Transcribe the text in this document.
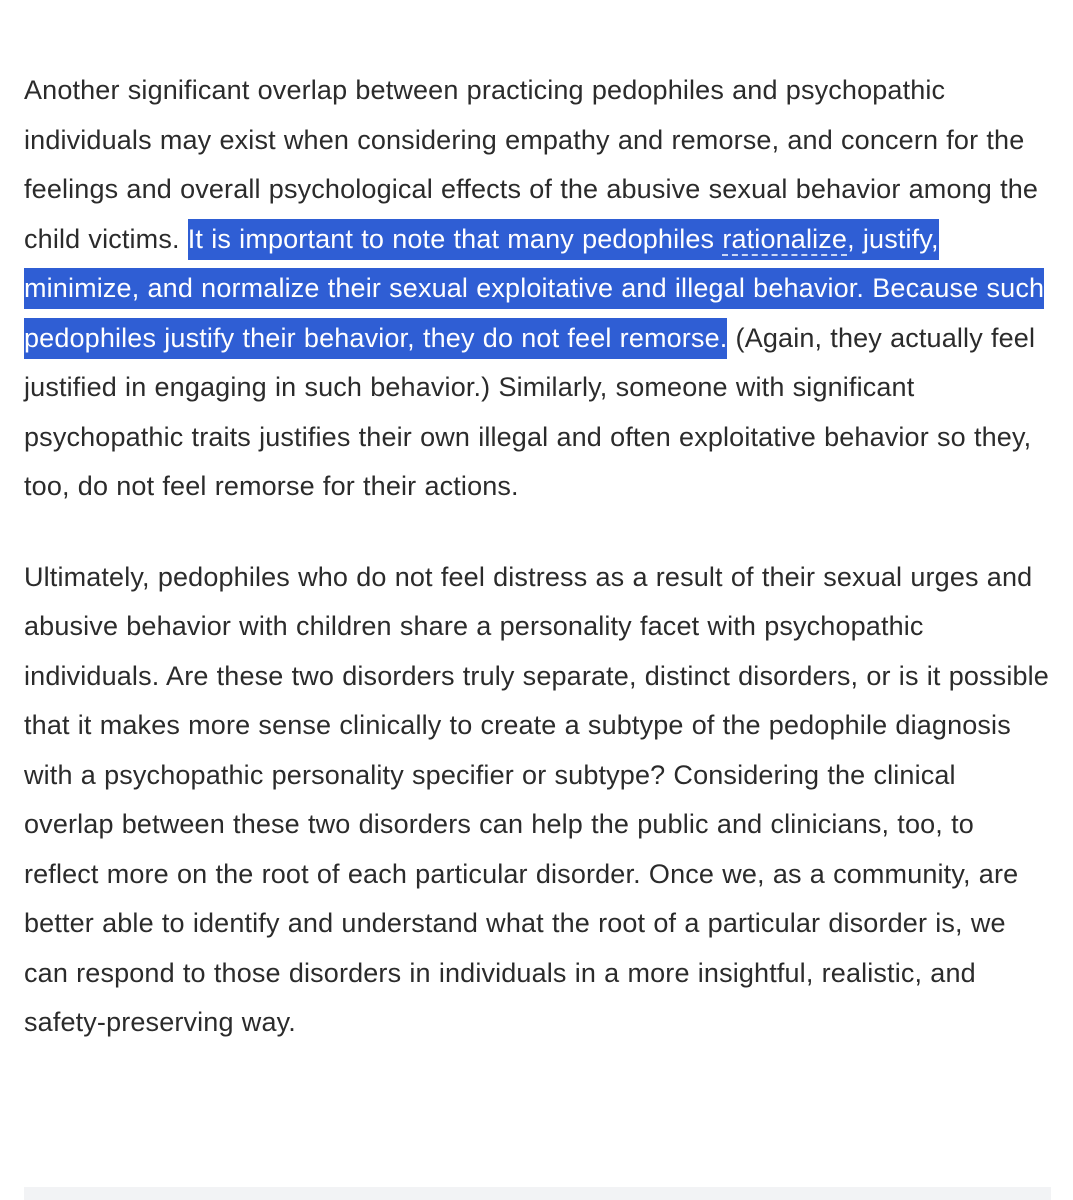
Another significant overlap between practicing pedophiles and psychopathic individuals may exist when considering empathy and remorse, and concern for the feelings and overall psychological effects of the abusive sexual behavior among the child victims. It is important to note that many pedophiles rationalize, justify, minimize, and normalize their sexual exploitative and illegal behavior. Because such pedophiles justify their behavior, they do not feel remorse. (Again, they actually feel justified in engaging in such behavior.) Similarly, someone with significant psychopathic traits justifies their own illegal and often exploitative behavior so they, too, do not feel remorse for their actions.

Ultimately, pedophiles who do not feel distress as a result of their sexual urges and abusive behavior with children share a personality facet with psychopathic individuals. Are these two disorders truly separate, distinct disorders, or is it possible that it makes more sense clinically to create a subtype of the pedophile diagnosis with a psychopathic personality specifier or subtype? Considering the clinical overlap between these two disorders can help the public and clinicians, too, to reflect more on the root of each particular disorder. Once we, as a community, are better able to identify and understand what the root of a particular disorder is, we can respond to those disorders in individuals in a more insightful, realistic, and safety-preserving way.
